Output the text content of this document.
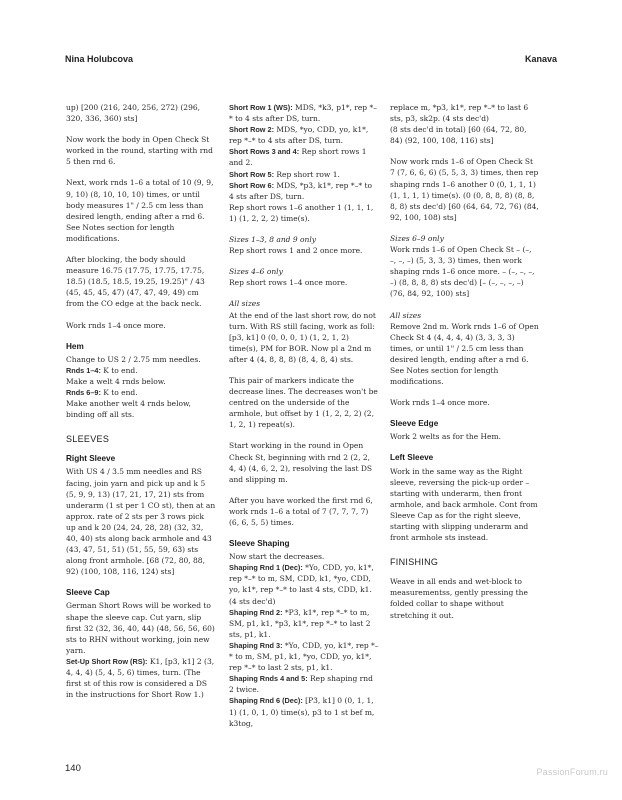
Nina Holubcova	Kanava

up) [200 (216, 240, 256, 272) (296, 320, 336, 360) sts]

Now work the body in Open Check St worked in the round, starting with rnd 5 then rnd 6.

Next, work rnds 1–6 a total of 10 (9, 9, 9, 10) (8, 10, 10, 10) times, or until body measures 1" / 2.5 cm less than desired length, ending after a rnd 6. See Notes section for length modifications.

After blocking, the body should measure 16.75 (17.75, 17.75, 17.75, 18.5) (18.5, 18.5, 19.25, 19.25)" / 43 (45, 45, 45, 47) (47, 47, 49, 49) cm from the CO edge at the back neck.

Work rnds 1–4 once more.

Hem

Change to US 2 / 2.75 mm needles.

Rnds 1–4: K to end.

Make a welt 4 rnds below.

Rnds 6–9: K to end.

Make another welt 4 rnds below, binding off all sts.

SLEEVES
Right Sleeve

With US 4 / 3.5 mm needles and RS facing, join yarn and pick up and k 5 (5, 9, 9, 13) (17, 21, 17, 21) sts from underarm (1 st per 1 CO st), then at an approx. rate of 2 sts per 3 rows pick up and k 20 (24, 24, 28, 28) (32, 32, 40, 40) sts along back armhole and 43 (43, 47, 51, 51) (51, 55, 59, 63) sts along front armhole. [68 (72, 80, 88, 92) (100, 108, 116, 124) sts]

Sleeve Cap

German Short Rows will be worked to shape the sleeve cap. Cut yarn, slip first 32 (32, 36, 40, 44) (48, 56, 56, 60) sts to RHN without working, join new yarn.

Set-Up Short Row (RS): K1, [p3, k1] 2 (3, 4, 4, 4) (5, 4, 5, 6) times, turn. (The first st of this row is considered a DS in the instructions for Short Row 1.)

Short Row 1 (WS): MDS, *k3, p1*, rep *–* to 4 sts after DS, turn.

Short Row 2: MDS, *yo, CDD, yo, k1*, rep *–* to 4 sts after DS, turn.

Short Rows 3 and 4: Rep short rows 1 and 2.

Short Row 5: Rep short row 1.

Short Row 6: MDS, *p3, k1*, rep *–* to 4 sts after DS, turn.

Rep short rows 1–6 another 1 (1, 1, 1, 1) (1, 2, 2, 2) time(s).

Sizes 1–3, 8 and 9 only

Rep short rows 1 and 2 once more.

Sizes 4–6 only

Rep short rows 1–4 once more.

All sizes

At the end of the last short row, do not turn. With RS still facing, work as foll: [p3, k1] 0 (0, 0, 0, 1) (1, 2, 1, 2) time(s), PM for BOR. Now pl a 2nd m after 4 (4, 8, 8, 8) (8, 4, 8, 4) sts.

This pair of markers indicate the decrease lines. The decreases won't be centred on the underside of the armhole, but offset by 1 (1, 2, 2, 2) (2, 1, 2, 1) repeat(s).

Start working in the round in Open Check St, beginning with rnd 2 (2, 2, 4, 4) (4, 6, 2, 2), resolving the last DS and slipping m.

After you have worked the first rnd 6, work rnds 1–6 a total of 7 (7, 7, 7, 7) (6, 6, 5, 5) times.

Sleeve Shaping

Now start the decreases.

Shaping Rnd 1 (Dec): *Yo, CDD, yo, k1*, rep *–* to m, SM, CDD, k1, *yo, CDD, yo, k1*, rep *–* to last 4 sts, CDD, k1. (4 sts dec'd)

Shaping Rnd 2: *P3, k1*, rep *–* to m, SM, p1, k1, *p3, k1*, rep *–* to last 2 sts, p1, k1.

Shaping Rnd 3: *Yo, CDD, yo, k1*, rep *–* to m, SM, p1, k1, *yo, CDD, yo, k1*, rep *–* to last 2 sts, p1, k1.

Shaping Rnds 4 and 5: Rep shaping rnd 2 twice.

Shaping Rnd 6 (Dec): [P3, k1] 0 (0, 1, 1, 1) (1, 0, 1, 0) time(s), p3 to 1 st bef m, k3tog,

replace m, *p3, k1*, rep *–* to last 6 sts, p3, sk2p. (4 sts dec'd)

(8 sts dec'd in total) [60 (64, 72, 80, 84) (92, 100, 108, 116) sts]

Now work rnds 1–6 of Open Check St 7 (7, 6, 6, 6) (5, 5, 3, 3) times, then rep shaping rnds 1–6 another 0 (0, 1, 1, 1) (1, 1, 1, 1) time(s). (0 (0, 8, 8, 8) (8, 8, 8, 8) sts dec'd) [60 (64, 64, 72, 76) (84, 92, 100, 108) sts]

Sizes 6–9 only

Work rnds 1–6 of Open Check St – (–, –, –, –) (5, 3, 3, 3) times, then work shaping rnds 1–6 once more. – (–, –, –, –) (8, 8, 8, 8) sts dec'd) [– (–, –, –, –) (76, 84, 92, 100) sts]

All sizes

Remove 2nd m. Work rnds 1–6 of Open Check St 4 (4, 4, 4, 4) (3, 3, 3, 3) times, or until 1" / 2.5 cm less than desired length, ending after a rnd 6. See Notes section for length modifications.

Work rnds 1–4 once more.

Sleeve Edge

Work 2 welts as for the Hem.

Left Sleeve

Work in the same way as the Right sleeve, reversing the pick-up order – starting with underarm, then front armhole, and back armhole. Cont from Sleeve Cap as for the right sleeve, starting with slipping underarm and front armhole sts instead.

FINISHING

Weave in all ends and wet-block to measurementss, gently pressing the folded collar to shape without stretching it out.

140	PassionForum.ru
